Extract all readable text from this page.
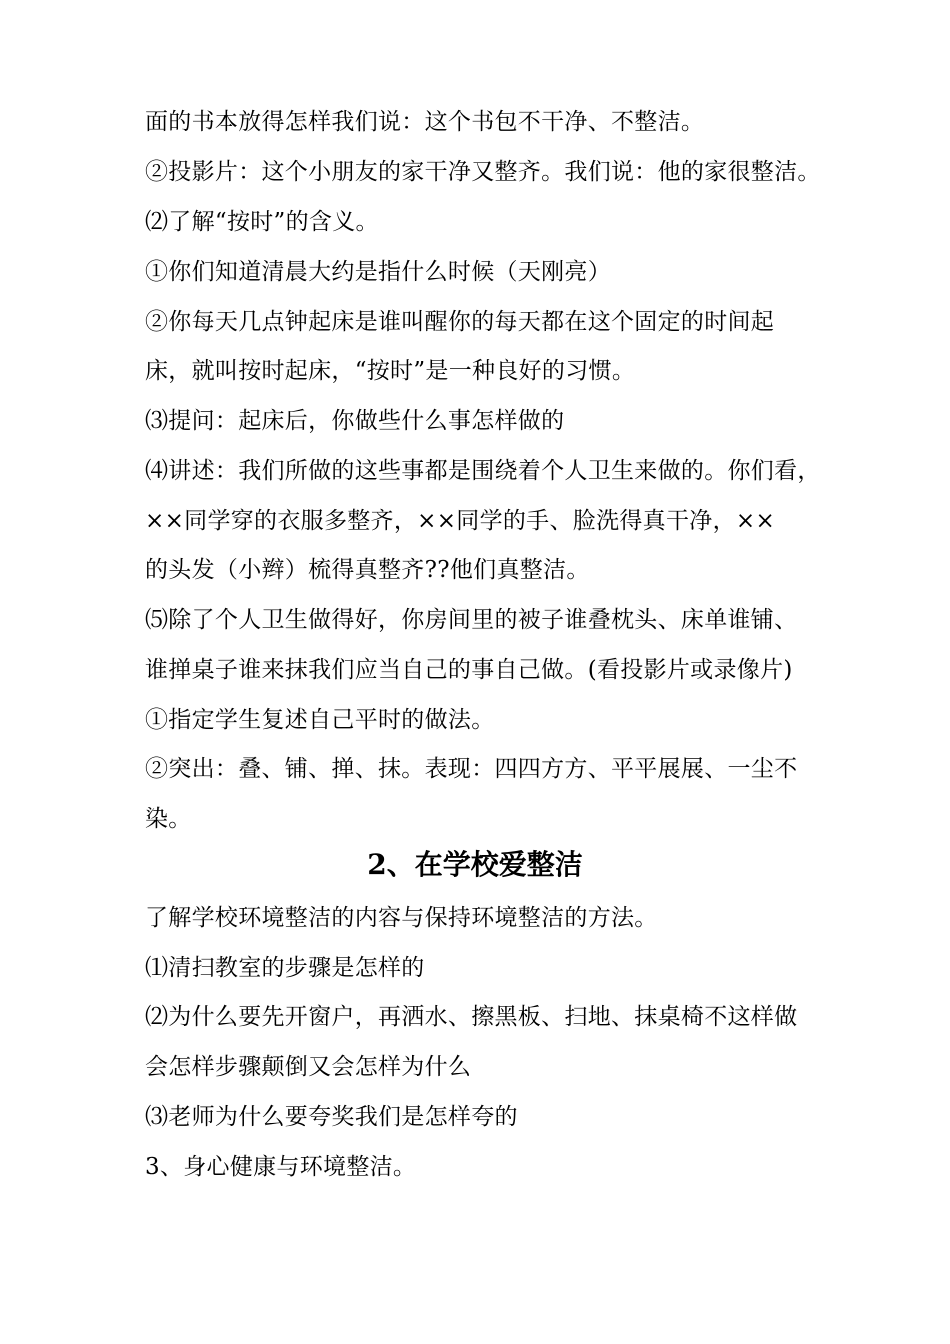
面的书本放得怎样我们说：这个书包不干净、不整洁。
②投影片：这个小朋友的家干净又整齐。我们说：他的家很整洁。
⑵了解“按时”的含义。
①你们知道清晨大约是指什么时候（天刚亮）
②你每天几点钟起床是谁叫醒你的每天都在这个固定的时间起
床，就叫按时起床，“按时”是一种良好的习惯。
⑶提问：起床后，你做些什么事怎样做的
⑷讲述：我们所做的这些事都是围绕着个人卫生来做的。你们看，
××同学穿的衣服多整齐，××同学的手、脸洗得真干净，××
的头发（小辫）梳得真整齐??他们真整洁。
⑸除了个人卫生做得好，你房间里的被子谁叠枕头、床单谁铺、
谁掸桌子谁来抹我们应当自己的事自己做。(看投影片或录像片)
①指定学生复述自己平时的做法。
②突出：叠、铺、掸、抹。表现：四四方方、平平展展、一尘不
染。
2、在学校爱整洁
了解学校环境整洁的内容与保持环境整洁的方法。
⑴清扫教室的步骤是怎样的
⑵为什么要先开窗户，再洒水、擦黑板、扫地、抹桌椅不这样做
会怎样步骤颠倒又会怎样为什么
⑶老师为什么要夸奖我们是怎样夸的
3、身心健康与环境整洁。
